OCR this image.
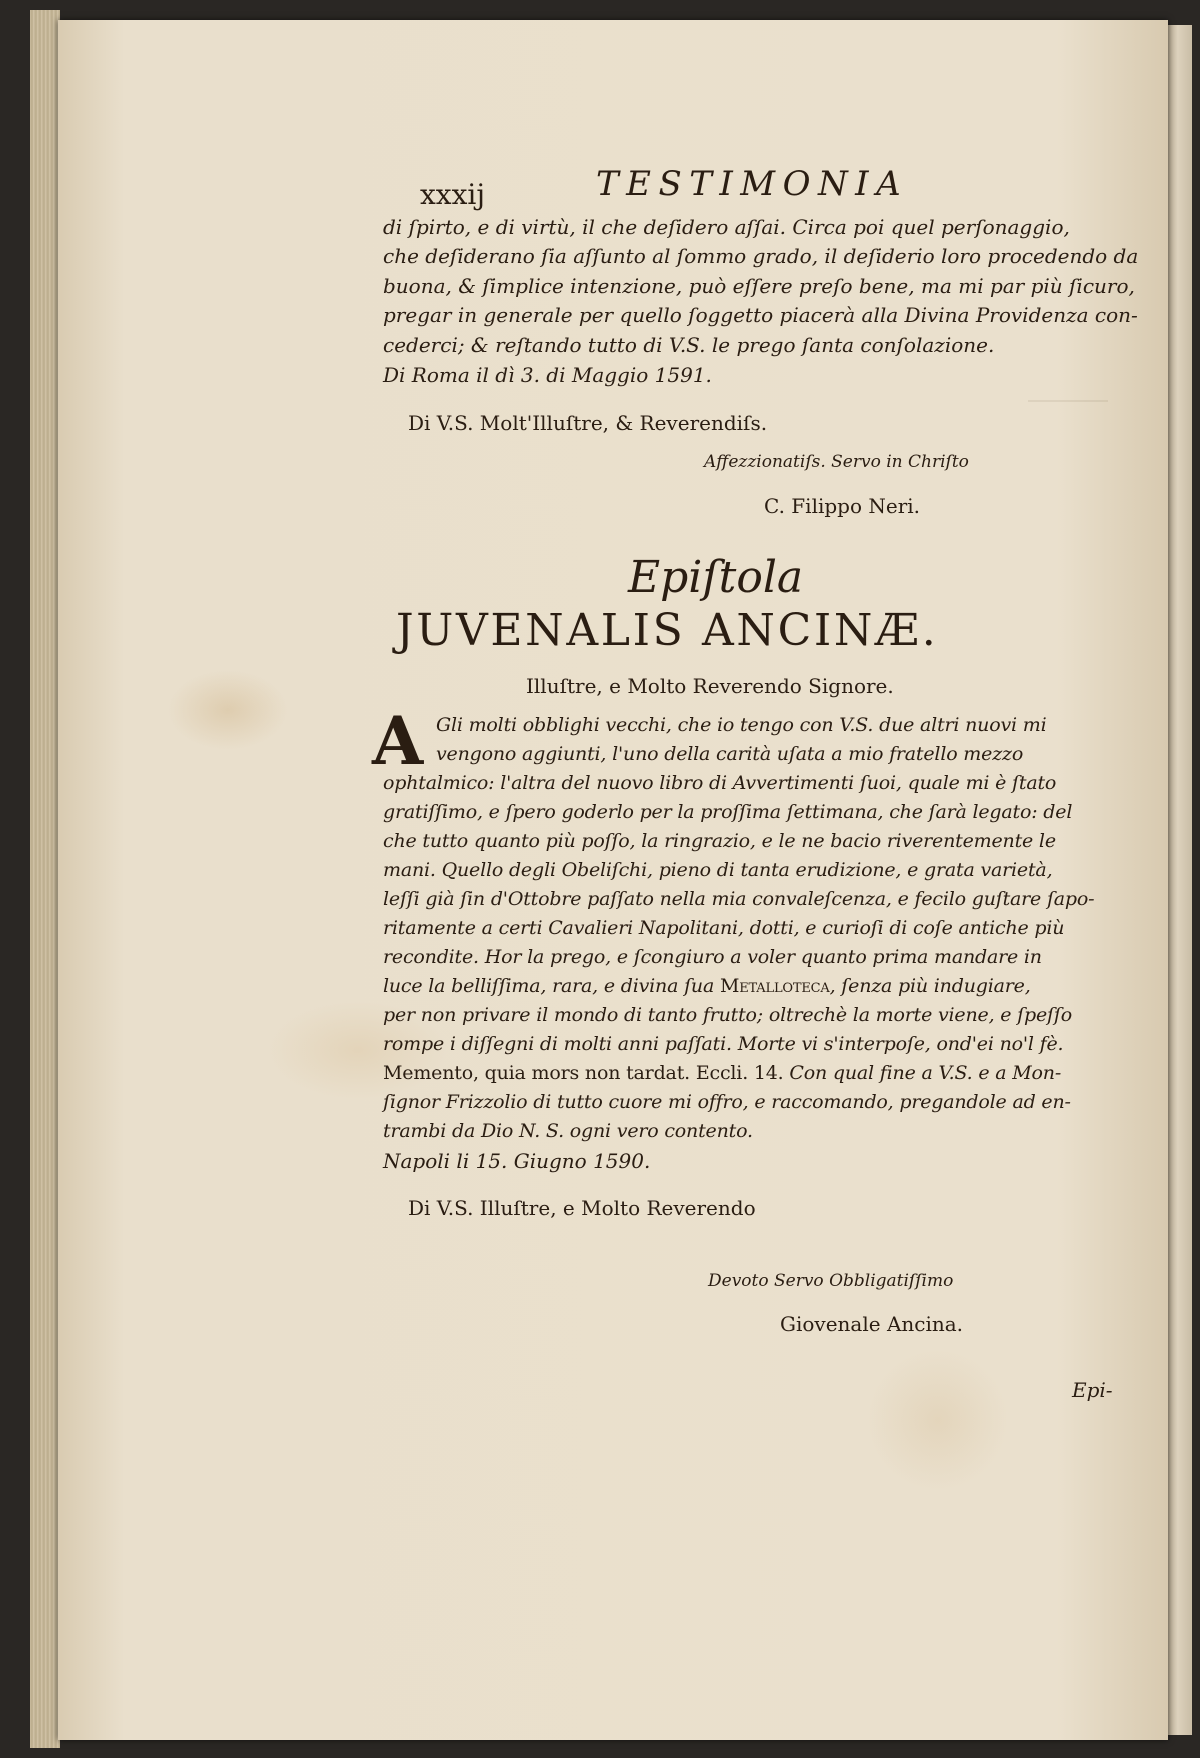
xxxij	TESTIMONIA
di ſpirto, e di virtù, il che deſidero aſſai. Circa poi quel perſonaggio,
che deſiderano ſia aſſunto al ſommo grado, il deſiderio loro procedendo da
buona, & ſimplice intenzione, può eſſere preſo bene, ma mi par più ſicuro,
pregar in generale per quello ſoggetto piacerà alla Divina Providenza con-
cederci; & reſtando tutto di V.S. le prego ſanta conſolazione.
Di Roma il dì 3. di Maggio 1591.
Di V.S. Molt'Illuſtre, & Reverendiſs.
Affezzionatiſs. Servo in Chriſto
C. Filippo Neri.
Epiſtola
JUVENALIS ANCINÆ.
Illuſtre, e Molto Reverendo Signore.
A Gli molti obblighi vecchi, che io tengo con V.S. due altri nuovi mi
vengono aggiunti, l'uno della carità uſata a mio fratello mezzo
ophtalmico: l'altra del nuovo libro di Avvertimenti ſuoi, quale mi è ſtato
gratiſſimo, e ſpero goderlo per la proſſima ſettimana, che ſarà legato: del
che tutto quanto più poſſo, la ringrazio, e le ne bacio riverentemente le
mani. Quello degli Obeliſchi, pieno di tanta erudizione, e grata varietà,
leſſi già ſin d'Ottobre paſſato nella mia convaleſcenza, e fecilo guſtare ſapo-
ritamente a certi Cavalieri Napolitani, dotti, e curioſi di coſe antiche più
recondite. Hor la prego, e ſcongiuro a voler quanto prima mandare in
luce la belliſſima, rara, e divina ſua Metalloteca, ſenza più indugiare,
per non privare il mondo di tanto frutto; oltrechè la morte viene, e ſpeſſo
rompe i diſſegni di molti anni paſſati. Morte vi s'interpoſe, ond'ei no'l fè.
Memento, quia mors non tardat. Eccli. 14. Con qual fine a V.S. e a Mon-
ſignor Frizzolio di tutto cuore mi offro, e raccomando, pregandole ad en-
trambi da Dio N. S. ogni vero contento.
Napoli li 15. Giugno 1590.
Di V.S. Illuſtre, e Molto Reverendo
Devoto Servo Obbligatiſſimo
Giovenale Ancina.
Epi-
